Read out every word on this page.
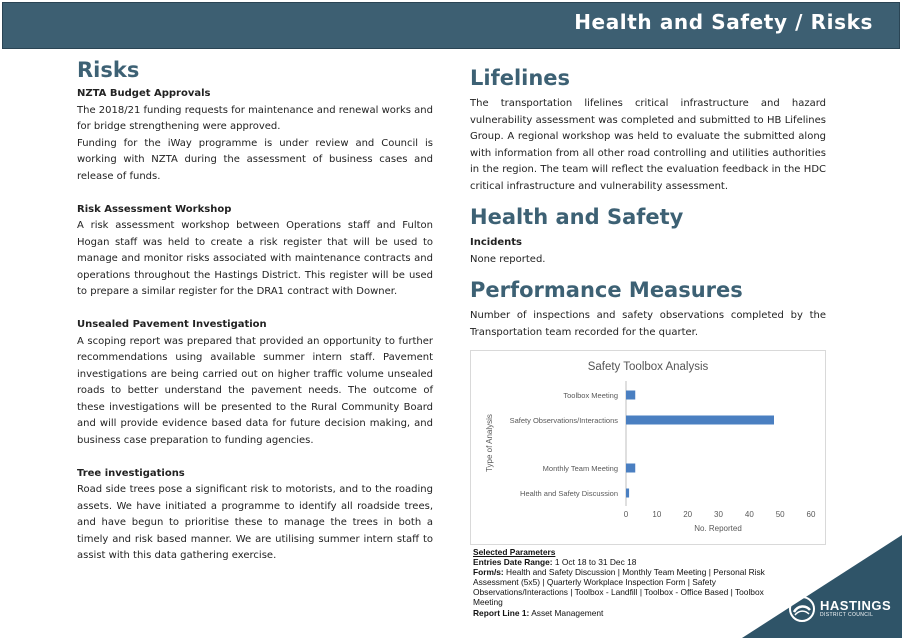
Health and Safety / Risks
Risks
NZTA Budget Approvals

The 2018/21 funding requests for maintenance and renewal works and for bridge strengthening were approved.

Funding for the iWay programme is under review and Council is working with NZTA during the assessment of business cases and release of funds.

Risk Assessment Workshop

A risk assessment workshop between Operations staff and Fulton Hogan staff was held to create a risk register that will be used to manage and monitor risks associated with maintenance contracts and operations throughout the Hastings District. This register will be used to prepare a similar register for the DRA1 contract with Downer.

Unsealed Pavement Investigation

A scoping report was prepared that provided an opportunity to further recommendations using available summer intern staff. Pavement investigations are being carried out on higher traffic volume unsealed roads to better understand the pavement needs. The outcome of these investigations will be presented to the Rural Community Board and will provide evidence based data for future decision making, and business case preparation to funding agencies.

Tree investigations

Road side trees pose a significant risk to motorists, and to the roading assets. We have initiated a programme to identify all roadside trees, and have begun to prioritise these to manage the trees in both a timely and risk based manner. We are utilising summer intern staff to assist with this data gathering exercise.

Lifelines

The transportation lifelines critical infrastructure and hazard vulnerability assessment was completed and submitted to HB Lifelines Group. A regional workshop was held to evaluate the submitted along with information from all other road controlling and utilities authorities in the region. The team will reflect the evaluation feedback in the HDC critical infrastructure and vulnerability assessment.

Health and Safety
Incidents

None reported.

Performance Measures

Number of inspections and safety observations completed by the Transportation team recorded for the quarter.

Safety Toolbox Analysis
Type of Analysis
No. Reported
Toolbox Meeting
Safety Observations/Interactions
Monthly Team Meeting
Health and Safety Discussion
0	10	20	30	40	50	60
Selected Parameters
Entries Date Range: 1 Oct 18 to 31 Dec 18
Form/s: Health and Safety Discussion | Monthly Team Meeting | Personal Risk Assessment (5x5) | Quarterly Workplace Inspection Form | Safety Observations/Interactions | Toolbox - Landfill | Toolbox - Office Based | Toolbox Meeting
Report Line 1: Asset Management	HASTINGS
DISTRICT COUNCIL
